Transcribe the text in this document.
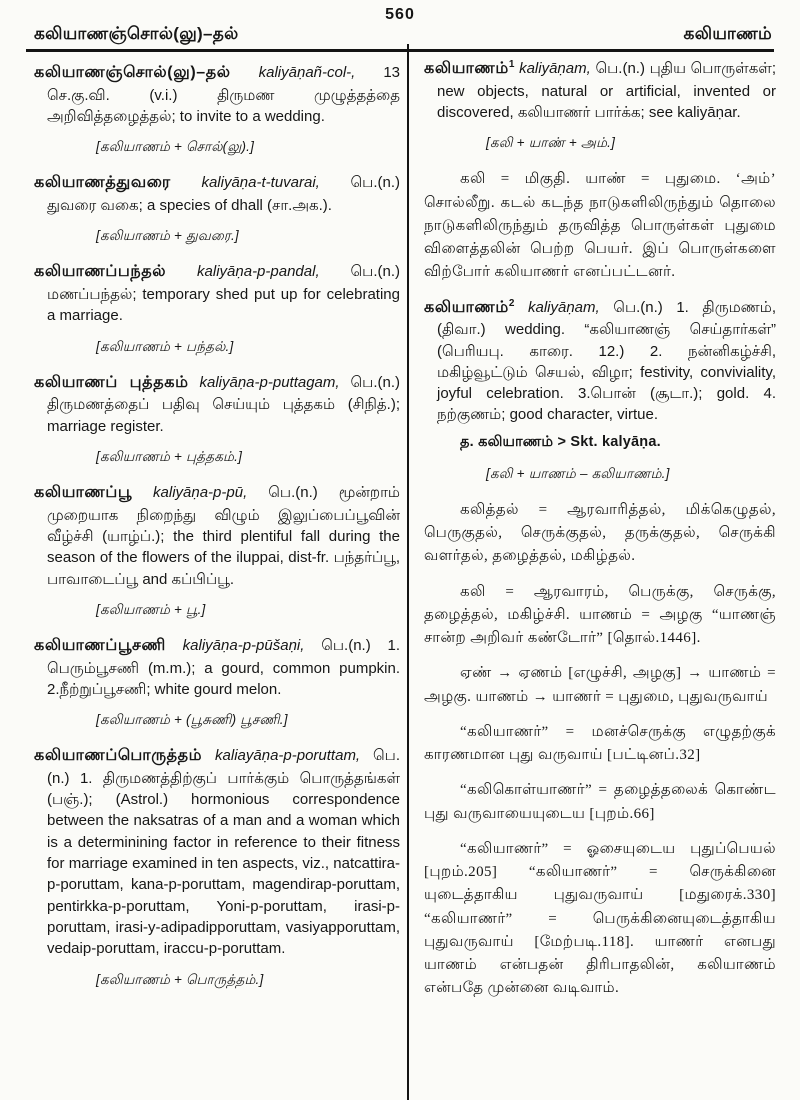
560
கலியாணஞ்சொல்(லு)–தல்	கலியாணம்

கலியாணஞ்சொல்(லு)–தல் kaliyāṇañ-col-, 13 செ.கு.வி. (v.i.) திருமண முழுத்தத்தை அறிவித்தழைத்தல்; to invite to a wedding.

[கலியாணம் + சொல்(லு).]

கலியாணத்துவரை kaliyāṇa-t-tuvarai, பெ.(n.) துவரை வகை; a species of dhall (சா.அக.).

[கலியாணம் + துவரை.]

கலியாணப்பந்தல் kaliyāṇa-p-pandal, பெ.(n.) மணப்பந்தல்; temporary shed put up for celebrating a marriage.

[கலியாணம் + பந்தல்.]

கலியாணப் புத்தகம் kaliyāṇa-p-puttagam, பெ.(n.) திருமணத்தைப் பதிவு செய்யும் புத்தகம் (சிநித்.); marriage register.

[கலியாணம் + புத்தகம்.]

கலியாணப்பூ kaliyāṇa-p-pū, பெ.(n.) மூன்றாம் முறையாக நிறைந்து விழும் இலுப்பைப்பூவின் வீழ்ச்சி (யாழ்ப்.); the third plentiful fall during the season of the flowers of the iluppai, dist-fr. பந்தர்ப்பூ, பாவாடைப்பூ and கப்பிப்பூ.

[கலியாணம் + பூ.]

கலியாணப்பூசணி kaliyāṇa-p-pūšaṇi, பெ.(n.) 1. பெரும்பூசணி (m.m.); a gourd, common pumpkin. 2.நீற்றுப்பூசணி; white gourd melon.

[கலியாணம் + (பூசுணி) பூசணி.]

கலியாணப்பொருத்தம் kaliayāṇa-p-poruttam, பெ.(n.) 1. திருமணத்திற்குப் பார்க்கும் பொருத்தங்கள் (பஞ்.); (Astrol.) hormonious correspondence between the naksatras of a man and a woman which is a determinining factor in reference to their fitness for marriage examined in ten aspects, viz., natcattira-p-poruttam, kana-p-poruttam, magendirap-poruttam, pentirkka-p-poruttam, Yoni-p-poruttam, irasi-p-poruttam, irasi-y-adipadipporuttam, vasiyapporuttam, vedaip-poruttam, iraccu-p-poruttam.

[கலியாணம் + பொருத்தம்.]

கலியாணம்$^1$ kaliyāṇam, பெ.(n.) புதிய பொருள்கள்; new objects, natural or artificial, invented or discovered, கலியாணர் பார்க்க; see kaliyāṇar.

[கலி + யாண் + அம்.]

கலி = மிகுதி. யாண் = புதுமை. ‘அம்’ சொல்லீறு. கடல் கடந்த நாடுகளிலிருந்தும் தொலை நாடுகளிலிருந்தும் தருவித்த பொருள்கள் புதுமை விளைத்தலின் பெற்ற பெயர். இப் பொருள்களை விற்போர் கலியாணர் எனப்பட்டனர்.

கலியாணம்$^2$ kaliyāṇam, பெ.(n.) 1. திருமணம், (திவா.) wedding. “கலியாணஞ் செய்தார்கள்” (பெரியபு. காரை. 12.) 2. நன்னிகழ்ச்சி, மகிழ்வூட்டும் செயல், விழா; festivity, conviviality, joyful celebration. 3.பொன் (சூடா.); gold. 4. நற்குணம்; good character, virtue.

த. கலியாணம் > Skt. kalyāṇa.

[கலி + யாணம் – கலியாணம்.]

கலித்தல் = ஆரவாரித்தல், மிக்கெழுதல், பெருகுதல், செருக்குதல், தருக்குதல், செருக்கி வளர்தல், தழைத்தல், மகிழ்தல்.

கலி = ஆரவாரம், பெருக்கு, செருக்கு, தழைத்தல், மகிழ்ச்சி. யாணம் = அழகு “யாணஞ் சான்ற அறிவர் கண்டோர்” [தொல்.1446].

ஏண் → ஏணம் [எழுச்சி, அழகு] → யாணம் = அழகு. யாணம் → யாணர் = புதுமை, புதுவருவாய்

“கலியாணர்” = மனச்செருக்கு எழுதற்குக் காரணமான புது வருவாய் [பட்டினப்.32]

“கலிகொள்யாணர்” = தழைத்தலைக் கொண்ட புது வருவாயையுடைய [புறம்.66]

“கலியாணர்” = ஓசையுடைய புதுப்பெயல் [புறம்.205] “கலியாணர்” = செருக்கினை யுடைத்தாகிய புதுவருவாய் [மதுரைக்.330] “கலியாணர்” = பெருக்கினையுடைத்தாகிய புதுவருவாய் [மேற்படி.118]. யாணர் எனபது யாணம் என்பதன் திரிபாதலின், கலியாணம் என்பதே முன்னை வடிவாம்.
